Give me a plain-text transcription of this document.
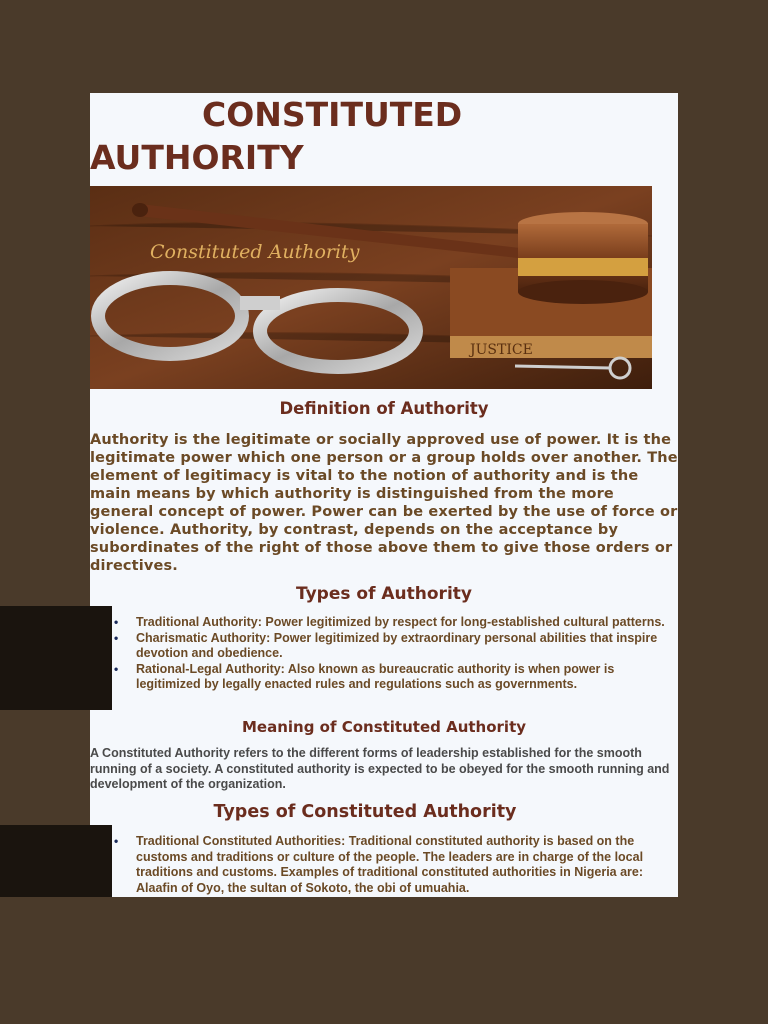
CONSTITUTED
AUTHORITY
Constituted Authority
JUSTICE
Definition of Authority

Authority is the legitimate or socially approved use of power. It is the legitimate power which one person or a group holds over another. The element of legitimacy is vital to the notion of authority and is the main means by which authority is distinguished from the more general concept of power. Power can be exerted by the use of force or violence. Authority, by contrast, depends on the acceptance by subordinates of the right of those above them to give those orders or directives.

Types of Authority
• Traditional Authority: Power legitimized by respect for long-established cultural patterns.
• Charismatic Authority: Power legitimized by extraordinary personal abilities that inspire devotion and obedience.
• Rational-Legal Authority: Also known as bureaucratic authority is when power is legitimized by legally enacted rules and regulations such as governments.
Meaning of Constituted Authority

A Constituted Authority refers to the different forms of leadership established for the smooth running of a society. A constituted authority is expected to be obeyed for the smooth running and development of the organization.

Types of Constituted Authority
• Traditional Constituted Authorities: Traditional constituted authority is based on the customs and traditions or culture of the people. The leaders are in charge of the local traditions and customs. Examples of traditional constituted authorities in Nigeria are: Alaafin of Oyo, the sultan of Sokoto, the obi of umuahia.
